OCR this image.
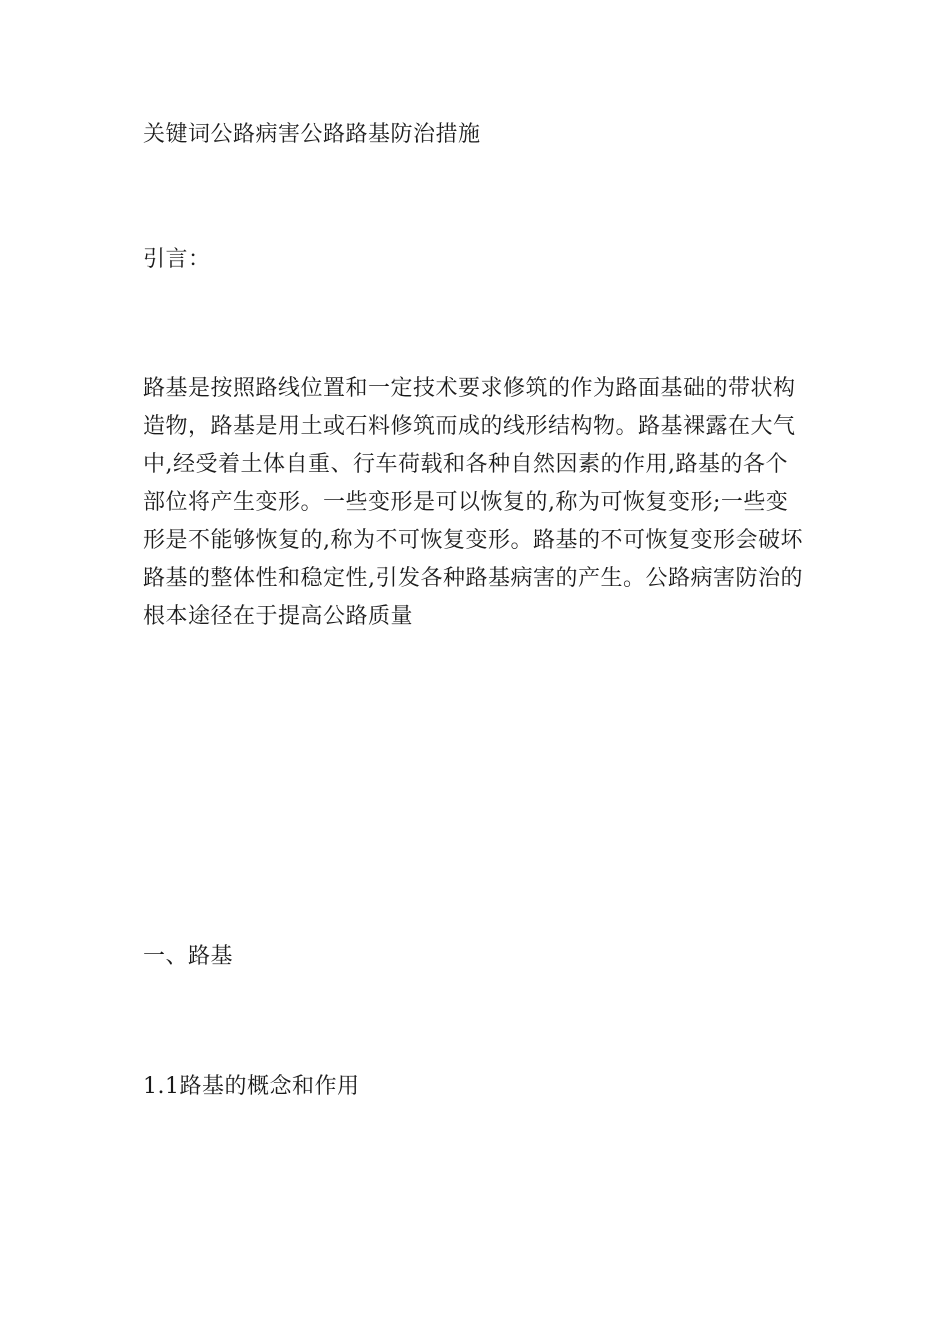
关键词公路病害公路路基防治措施
引言：
路基是按照路线位置和一定技术要求修筑的作为路面基础的带状构
造物，路基是用土或石料修筑而成的线形结构物。路基裸露在大气
中,经受着土体自重、行车荷载和各种自然因素的作用,路基的各个
部位将产生变形。一些变形是可以恢复的,称为可恢复变形;一些变
形是不能够恢复的,称为不可恢复变形。路基的不可恢复变形会破坏
路基的整体性和稳定性,引发各种路基病害的产生。公路病害防治的
根本途径在于提高公路质量
一、路基
1.1路基的概念和作用
